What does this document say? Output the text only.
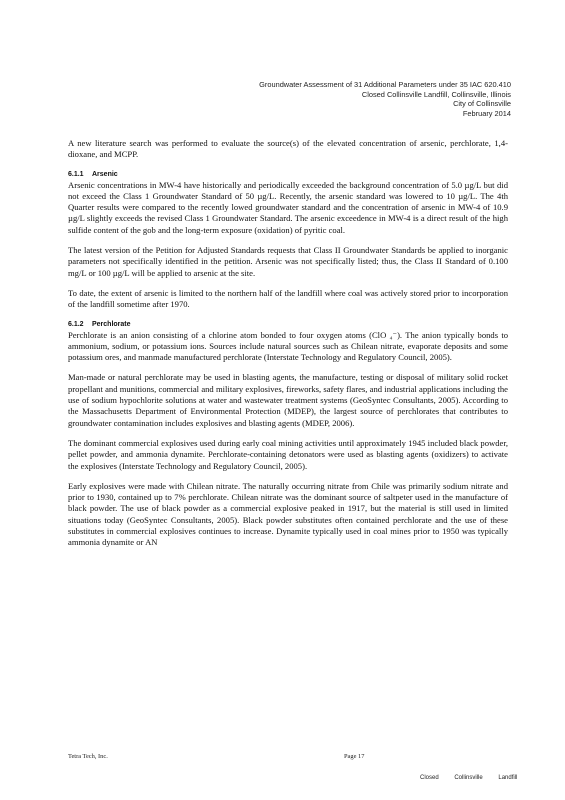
Groundwater Assessment of 31 Additional Parameters under 35 IAC 620.410
Closed Collinsville Landfill, Collinsville, Illinois
City of Collinsville
February 2014

A new literature search was performed to evaluate the source(s) of the elevated concentration of arsenic, perchlorate, 1,4-dioxane, and MCPP.

6.1.1 Arsenic

Arsenic concentrations in MW-4 have historically and periodically exceeded the background concentration of 5.0 µg/L but did not exceed the Class 1 Groundwater Standard of 50 µg/L. Recently, the arsenic standard was lowered to 10 µg/L. The 4th Quarter results were compared to the recently lowed groundwater standard and the concentration of arsenic in MW-4 of 10.9 µg/L slightly exceeds the revised Class 1 Groundwater Standard. The arsenic exceedence in MW-4 is a direct result of the high sulfide content of the gob and the long-term exposure (oxidation) of pyritic coal.

The latest version of the Petition for Adjusted Standards requests that Class II Groundwater Standards be applied to inorganic parameters not specifically identified in the petition. Arsenic was not specifically listed; thus, the Class II Standard of 0.100 mg/L or 100 µg/L will be applied to arsenic at the site.

To date, the extent of arsenic is limited to the northern half of the landfill where coal was actively stored prior to incorporation of the landfill sometime after 1970.

6.1.2 Perchlorate

Perchlorate is an anion consisting of a chlorine atom bonded to four oxygen atoms (ClO ₄⁻). The anion typically bonds to ammonium, sodium, or potassium ions. Sources include natural sources such as Chilean nitrate, evaporate deposits and some potassium ores, and manmade manufactured perchlorate (Interstate Technology and Regulatory Council, 2005).

Man-made or natural perchlorate may be used in blasting agents, the manufacture, testing or disposal of military solid rocket propellant and munitions, commercial and military explosives, fireworks, safety flares, and industrial applications including the use of sodium hypochlorite solutions at water and wastewater treatment systems (GeoSyntec Consultants, 2005). According to the Massachusetts Department of Environmental Protection (MDEP), the largest source of perchlorates that contributes to groundwater contamination includes explosives and blasting agents (MDEP, 2006).

The dominant commercial explosives used during early coal mining activities until approximately 1945 included black powder, pellet powder, and ammonia dynamite. Perchlorate-containing detonators were used as blasting agents (oxidizers) to activate the explosives (Interstate Technology and Regulatory Council, 2005).

Early explosives were made with Chilean nitrate. The naturally occurring nitrate from Chile was primarily sodium nitrate and prior to 1930, contained up to 7% perchlorate. Chilean nitrate was the dominant source of saltpeter used in the manufacture of black powder. The use of black powder as a commercial explosive peaked in 1917, but the material is still used in limited situations today (GeoSyntec Consultants, 2005). Black powder substitutes often contained perchlorate and the use of these substitutes in commercial explosives continues to increase. Dynamite typically used in coal mines prior to 1950 was typically ammonia dynamite or AN

Tetra Tech, Inc.	Page 17
Closed Collinsville Landfill
